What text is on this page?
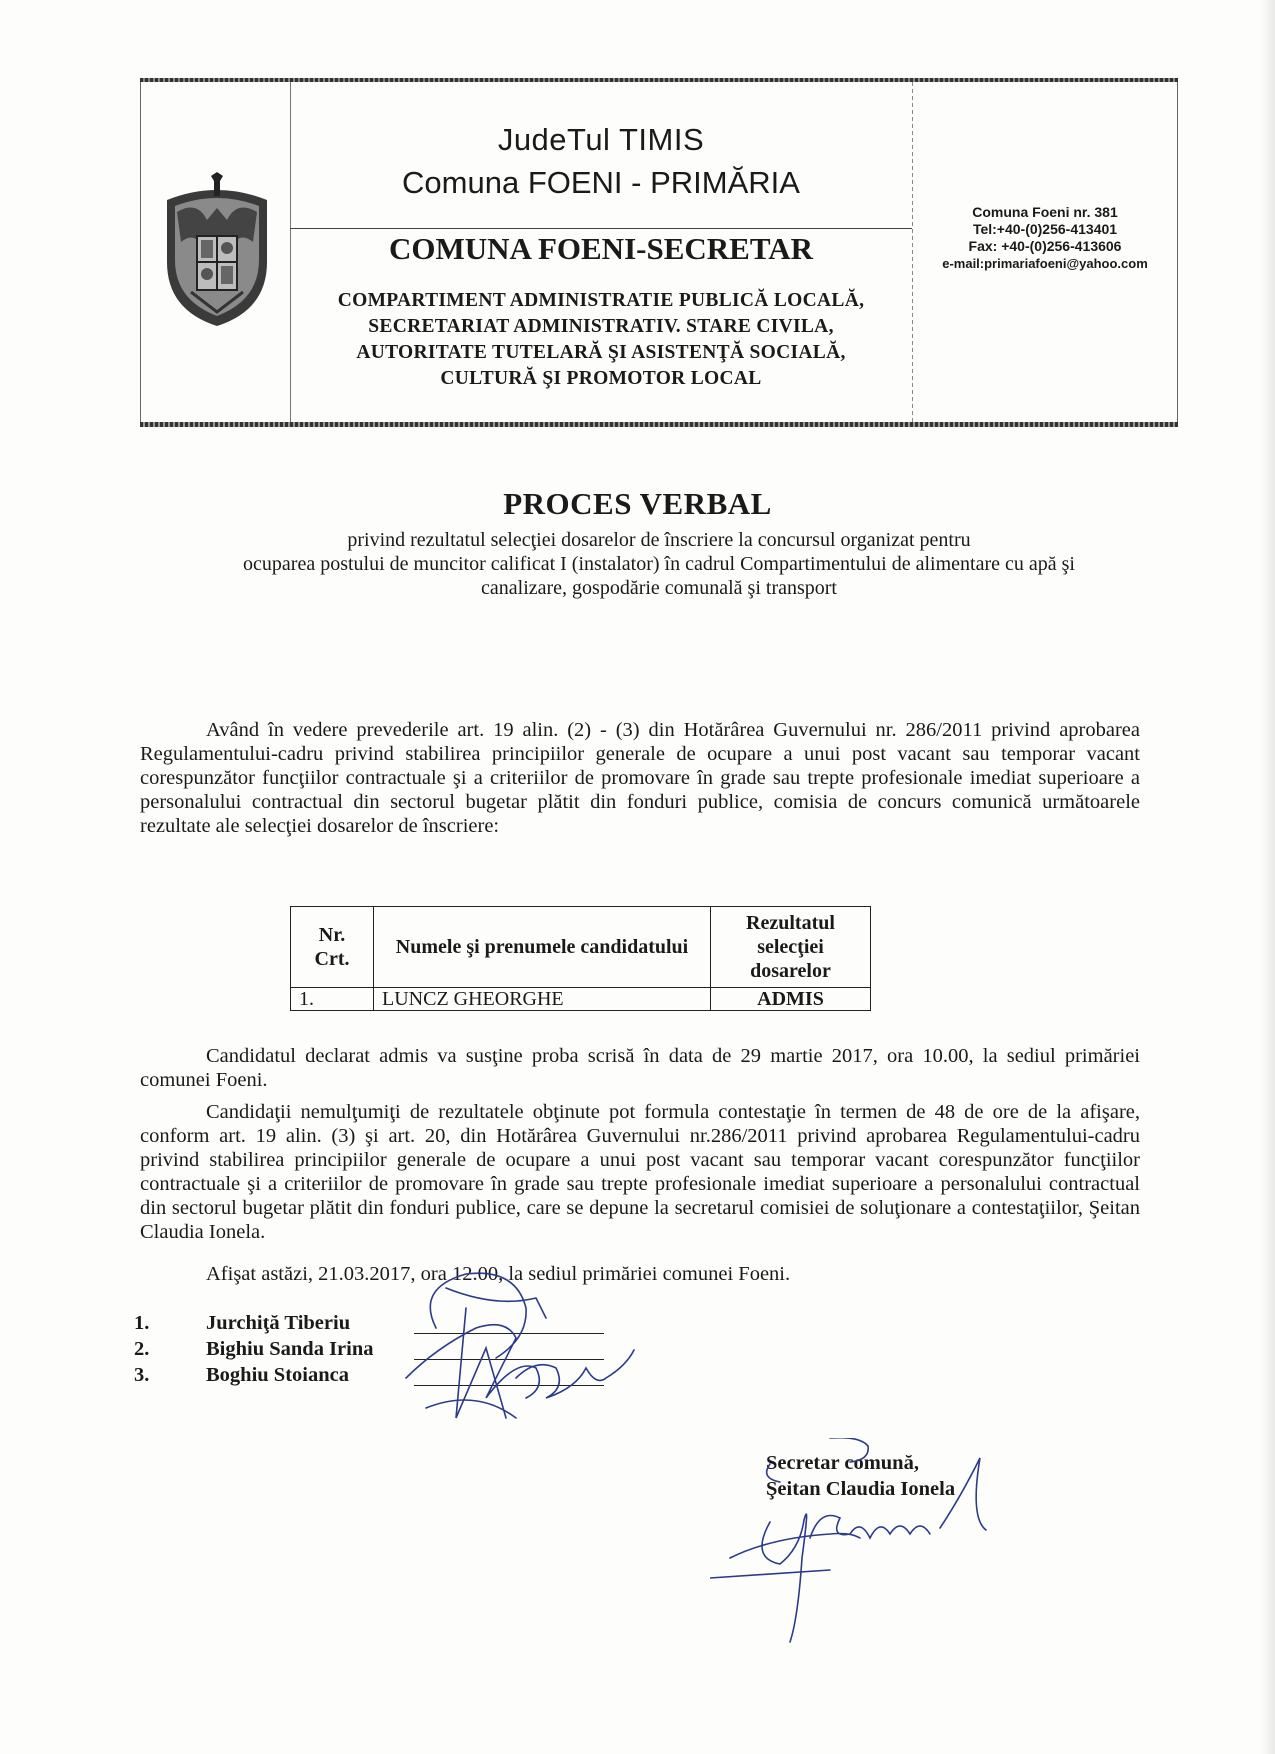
JudeTul TIMIS
Comuna FOENI - PRIMĂRIA
COMUNA FOENI-SECRETAR
COMPARTIMENT ADMINISTRATIE PUBLICĂ LOCALĂ,
SECRETARIAT ADMINISTRATIV. STARE CIVILA,
AUTORITATE TUTELARĂ ŞI ASISTENŢĂ SOCIALĂ,
CULTURĂ ŞI PROMOTOR LOCAL
Comuna Foeni nr. 381
Tel:+40-(0)256-413401
Fax: +40-(0)256-413606
e-mail:primariafoeni@yahoo.com
PROCES VERBAL
privind rezultatul selecţiei dosarelor de înscriere la concursul organizat pentru
ocuparea postului de muncitor calificat I (instalator) în cadrul Compartimentului de alimentare cu apă şi
canalizare, gospodărie comunală şi transport
Având în vedere prevederile art. 19 alin. (2) - (3) din Hotărârea Guvernului nr. 286/2011 privind aprobarea Regulamentului-cadru privind stabilirea principiilor generale de ocupare a unui post vacant sau temporar vacant corespunzător funcţiilor contractuale şi a criteriilor de promovare în grade sau trepte profesionale imediat superioare a personalului contractual din sectorul bugetar plătit din fonduri publice, comisia de concurs comunică următoarele rezultate ale selecţiei dosarelor de înscriere:
Nr. Crt.	Numele şi prenumele candidatului	Rezultatul selecţiei dosarelor
1.	LUNCZ GHEORGHE	ADMIS
Candidatul declarat admis va susţine proba scrisă în data de 29 martie 2017, ora 10.00, la sediul primăriei comunei Foeni.
Candidaţii nemulţumiţi de rezultatele obţinute pot formula contestaţie în termen de 48 de ore de la afişare, conform art. 19 alin. (3) şi art. 20, din Hotărârea Guvernului nr.286/2011 privind aprobarea Regulamentului-cadru privind stabilirea principiilor generale de ocupare a unui post vacant sau temporar vacant corespunzător funcţiilor contractuale şi a criteriilor de promovare în grade sau trepte profesionale imediat superioare a personalului contractual din sectorul bugetar plătit din fonduri publice, care se depune la secretarul comisiei de soluţionare a contestaţiilor, Şeitan Claudia Ionela.
Afişat astăzi, 21.03.2017, ora 12.00, la sediul primăriei comunei Foeni.
1.	Jurchiţă Tiberiu
2.	Bighiu Sanda Irina
3.	Boghiu Stoianca
Secretar comună,
Şeitan Claudia Ionela
